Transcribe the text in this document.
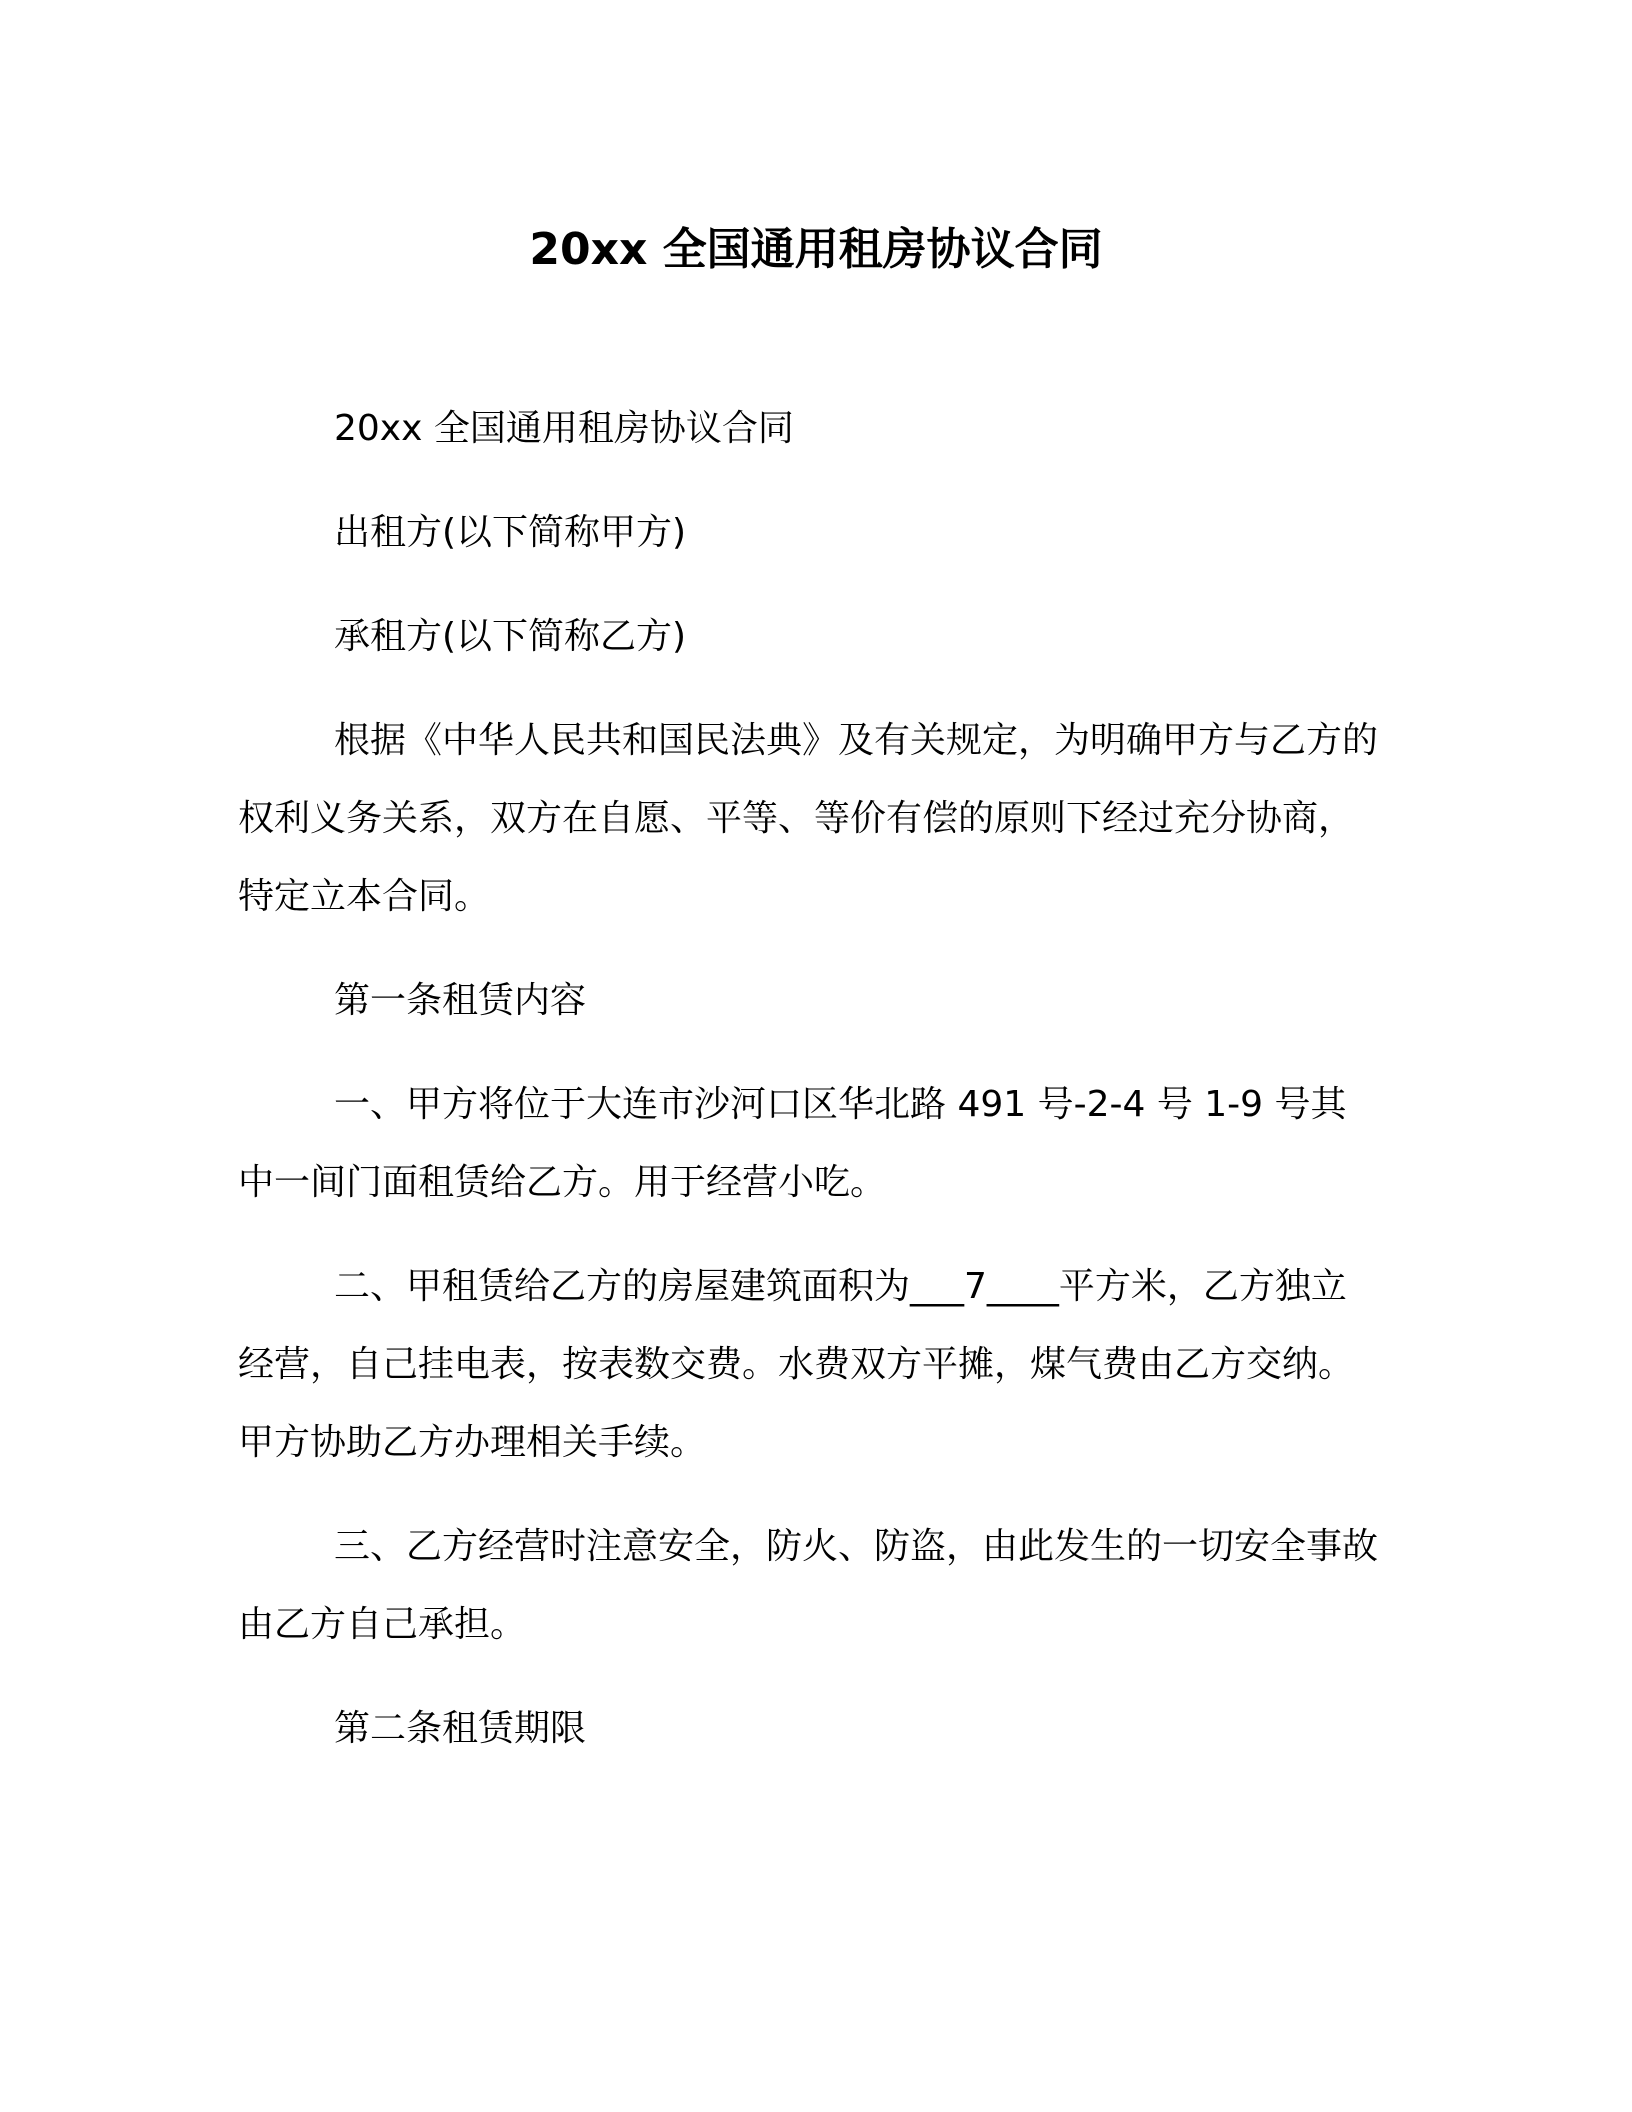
20xx 全国通用租房协议合同

20xx 全国通用租房协议合同

出租方(以下简称甲方)

承租方(以下简称乙方)

根据《中华人民共和国民法典》及有关规定，为明确甲方与乙方的权利义务关系，双方在自愿、平等、等价有偿的原则下经过充分协商，特定立本合同。

第一条租赁内容

一、甲方将位于大连市沙河口区华北路 491 号-2-4 号 1-9 号其中一间门面租赁给乙方。用于经营小吃。

二、甲租赁给乙方的房屋建筑面积为___7____平方米，乙方独立经营，自己挂电表，按表数交费。水费双方平摊，煤气费由乙方交纳。甲方协助乙方办理相关手续。

三、乙方经营时注意安全，防火、防盗，由此发生的一切安全事故由乙方自己承担。

第二条租赁期限
